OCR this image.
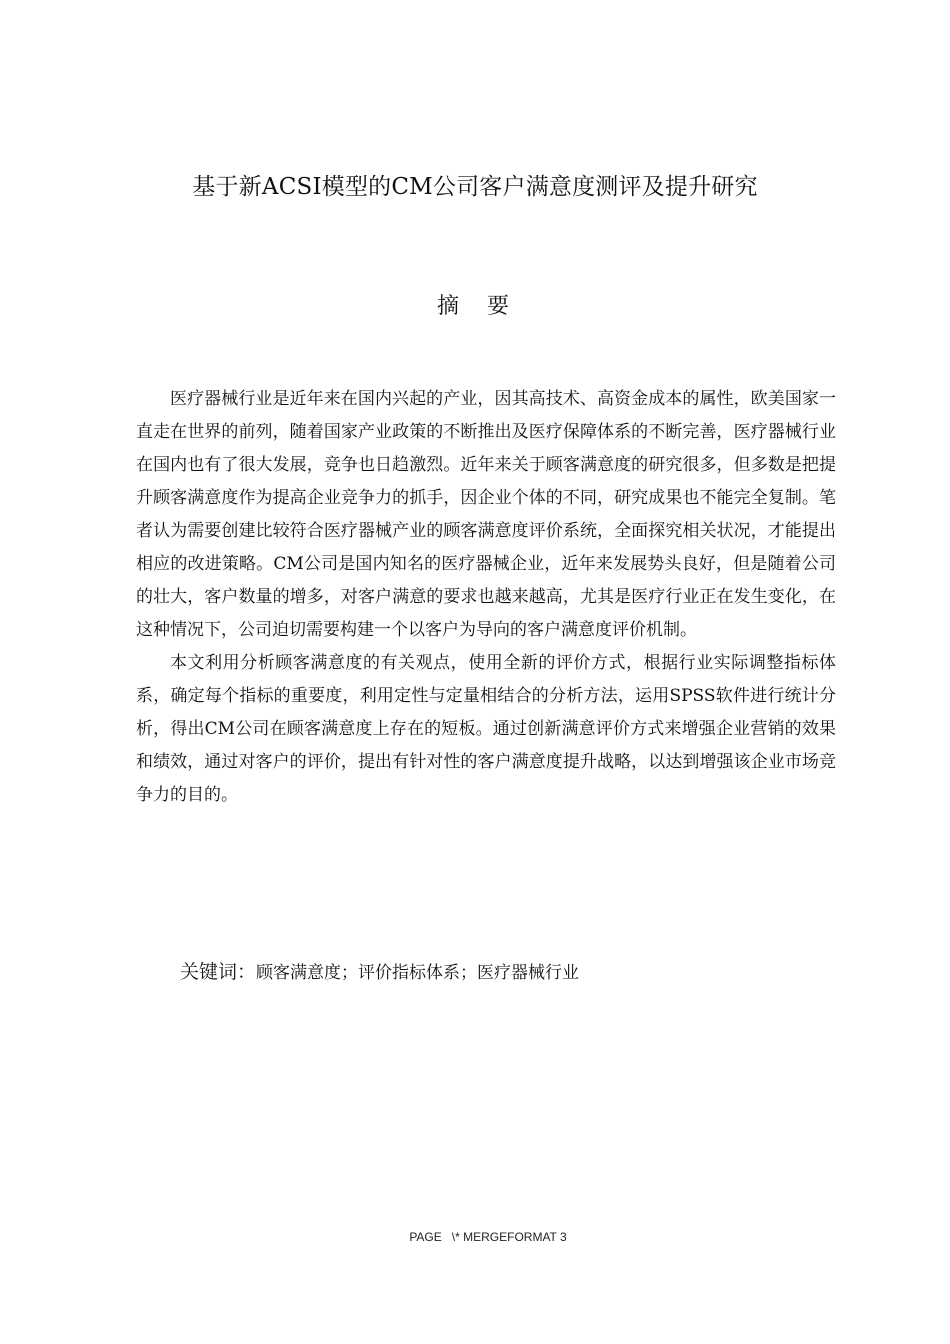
基于新ACSI模型的CM公司客户满意度测评及提升研究
摘要

医疗器械行业是近年来在国内兴起的产业，因其高技术、高资金成本的属性，欧美国家一直走在世界的前列，随着国家产业政策的不断推出及医疗保障体系的不断完善，医疗器械行业在国内也有了很大发展，竞争也日趋激烈。近年来关于顾客满意度的研究很多，但多数是把提升顾客满意度作为提高企业竞争力的抓手，因企业个体的不同，研究成果也不能完全复制。笔者认为需要创建比较符合医疗器械产业的顾客满意度评价系统，全面探究相关状况，才能提出相应的改进策略。CM公司是国内知名的医疗器械企业，近年来发展势头良好，但是随着公司的壮大，客户数量的增多，对客户满意的要求也越来越高，尤其是医疗行业正在发生变化，在这种情况下，公司迫切需要构建一个以客户为导向的客户满意度评价机制。

本文利用分析顾客满意度的有关观点，使用全新的评价方式，根据行业实际调整指标体系，确定每个指标的重要度，利用定性与定量相结合的分析方法，运用SPSS软件进行统计分析，得出CM公司在顾客满意度上存在的短板。通过创新满意评价方式来增强企业营销的效果和绩效，通过对客户的评价，提出有针对性的客户满意度提升战略，以达到增强该企业市场竞争力的目的。

关键词：顾客满意度；评价指标体系；医疗器械行业
PAGE   \* MERGEFORMAT 3
